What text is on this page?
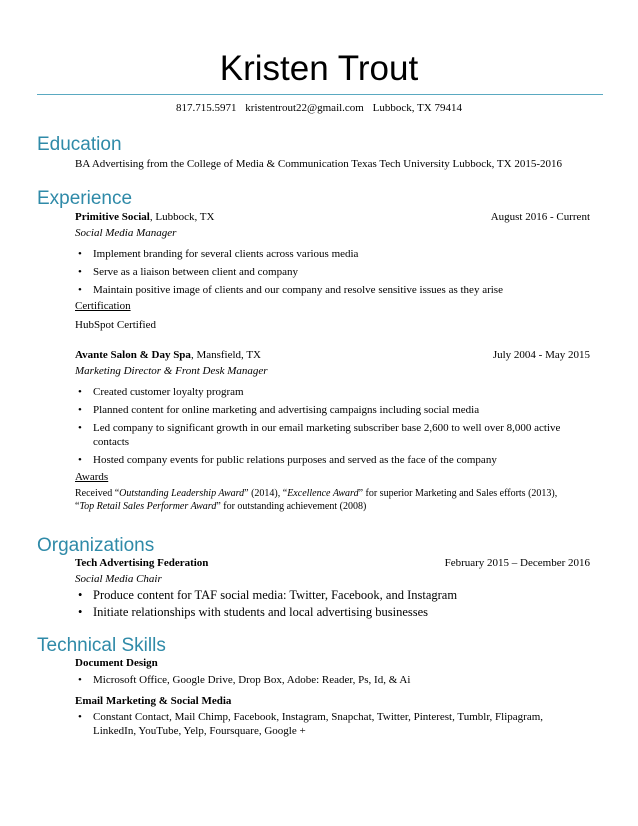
Kristen Trout
817.715.5971 kristentrout22@gmail.com Lubbock, TX 79414
Education
BA Advertising from the College of Media & Communication Texas Tech University Lubbock, TX 2015-2016
Experience
Primitive Social, Lubbock, TX	August 2016 - Current
Social Media Manager
• Implement branding for several clients across various media
• Serve as a liaison between client and company
• Maintain positive image of clients and our company and resolve sensitive issues as they arise
Certification
HubSpot Certified
Avante Salon & Day Spa, Mansfield, TX	July 2004 - May 2015
Marketing Director & Front Desk Manager
• Created customer loyalty program
• Planned content for online marketing and advertising campaigns including social media
• Led company to significant growth in our email marketing subscriber base 2,600 to well over 8,000 active contacts
• Hosted company events for public relations purposes and served as the face of the company
Awards
Received “Outstanding Leadership Award” (2014), “Excellence Award” for superior Marketing and Sales efforts (2013),
“Top Retail Sales Performer Award” for outstanding achievement (2008)
Organizations
Tech Advertising Federation	February 2015 – December 2016
Social Media Chair
• Produce content for TAF social media: Twitter, Facebook, and Instagram
• Initiate relationships with students and local advertising businesses
Technical Skills
Document Design
• Microsoft Office, Google Drive, Drop Box, Adobe: Reader, Ps, Id, & Ai
Email Marketing & Social Media
• Constant Contact, Mail Chimp, Facebook, Instagram, Snapchat, Twitter, Pinterest, Tumblr, Flipagram, LinkedIn, YouTube, Yelp, Foursquare, Google +
